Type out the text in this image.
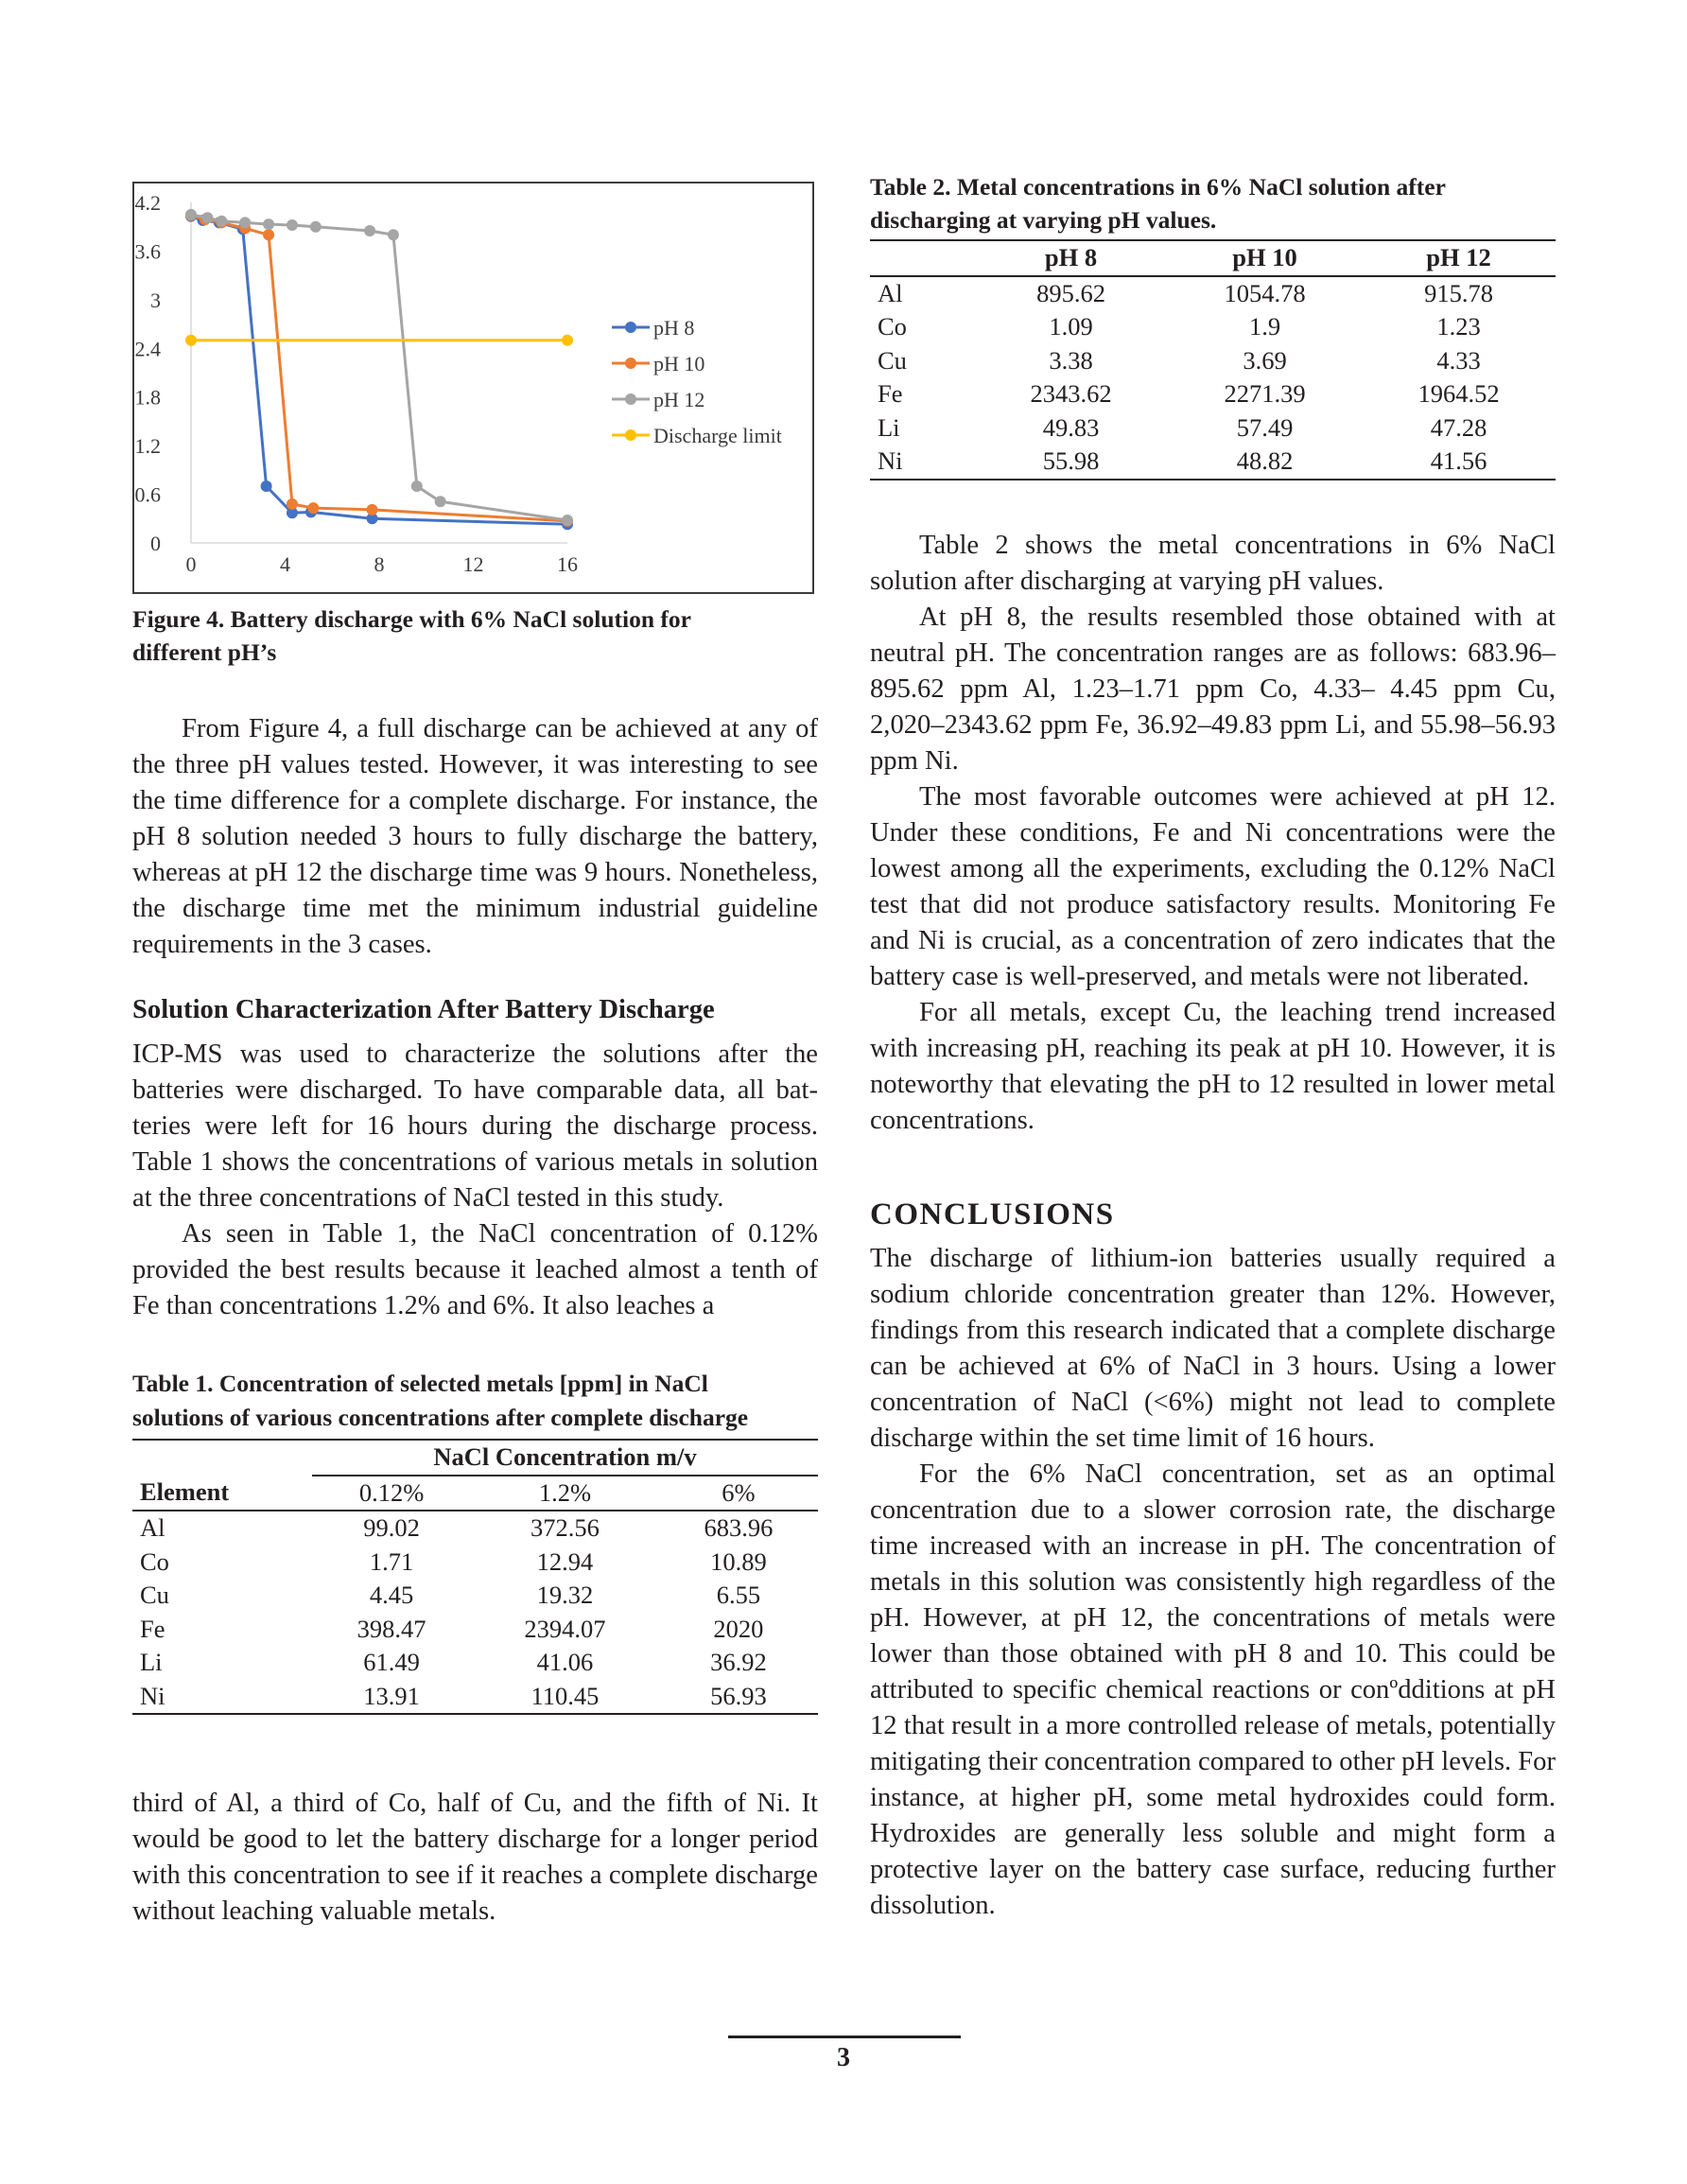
0
0.6
1.2
1.8
2.4
3
3.6
4.2
0	4	8	12	16
pH 8
pH 10
pH 12
Discharge limit

Figure 4. Battery discharge with 6% NaCl solution for
different pH’s

From Figure 4, a full discharge can be achieved at any of the three pH values tested. However, it was interesting to see the time difference for a complete discharge. For instance, the pH 8 solution needed 3 hours to fully discharge the battery, whereas at pH 12 the discharge time was 9 hours. Nonetheless, the discharge time met the minimum industrial guideline requirements in the 3 cases.

Solution Characterization After Battery Discharge

ICP-MS was used to characterize the solutions after the batteries were discharged. To have comparable data, all batteries were left for 16 hours during the discharge process. Table 1 shows the concentrations of various metals in solution at the three concentrations of NaCl tested in this study.

As seen in Table 1, the NaCl concentration of 0.12% provided the best results because it leached almost a tenth of Fe than concentrations 1.2% and 6%. It also leaches a

Table 1. Concentration of selected metals [ppm] in NaCl
solutions of various concentrations after complete discharge

	NaCl Concentration m/v		
Element	0.12%	1.2%	6%
Al	99.02	372.56	683.96
Co	1.71	12.94	10.89
Cu	4.45	19.32	6.55
Fe	398.47	2394.07	2020
Li	61.49	41.06	36.92
Ni	13.91	110.45	56.93

third of Al, a third of Co, half of Cu, and the fifth of Ni. It would be good to let the battery discharge for a longer period with this concentration to see if it reaches a complete discharge without leaching valuable metals.

Table 2. Metal concentrations in 6% NaCl solution after
discharging at varying pH values.

	pH 8	pH 10	pH 12
Al	895.62	1054.78	915.78
Co	1.09	1.9	1.23
Cu	3.38	3.69	4.33
Fe	2343.62	2271.39	1964.52
Li	49.83	57.49	47.28
Ni	55.98	48.82	41.56

Table 2 shows the metal concentrations in 6% NaCl solution after discharging at varying pH values.

At pH 8, the results resembled those obtained with at neutral pH. The concentration ranges are as follows: 683.96–895.62 ppm Al, 1.23–1.71 ppm Co, 4.33– 4.45 ppm Cu, 2,020–2343.62 ppm Fe, 36.92–49.83 ppm Li, and 55.98–56.93 ppm Ni.

The most favorable outcomes were achieved at pH 12. Under these conditions, Fe and Ni concentrations were the lowest among all the experiments, excluding the 0.12% NaCl test that did not produce satisfactory results. Monitoring Fe and Ni is crucial, as a concentration of zero indicates that the battery case is well-preserved, and metals were not liberated.

For all metals, except Cu, the leaching trend increased with increasing pH, reaching its peak at pH 10. However, it is noteworthy that elevating the pH to 12 resulted in lower metal concentrations.

CONCLUSIONS

The discharge of lithium-ion batteries usually required a sodium chloride concentration greater than 12%. However, findings from this research indicated that a complete discharge can be achieved at 6% of NaCl in 3 hours. Using a lower concentration of NaCl (<6%) might not lead to complete discharge within the set time limit of 16 hours.

For the 6% NaCl concentration, set as an optimal concentration due to a slower corrosion rate, the discharge time increased with an increase in pH. The concentration of metals in this solution was consistently high regardless of the pH. However, at pH 12, the concentrations of metals were lower than those obtained with pH 8 and 10. This could be attributed to specific chemical reactions or conºdditions at pH 12 that result in a more controlled release of metals, potentially mitigating their concentration compared to other pH levels. For instance, at higher pH, some metal hydroxides could form. Hydroxides are generally less soluble and might form a protective layer on the battery case surface, reducing further dissolution.

3
